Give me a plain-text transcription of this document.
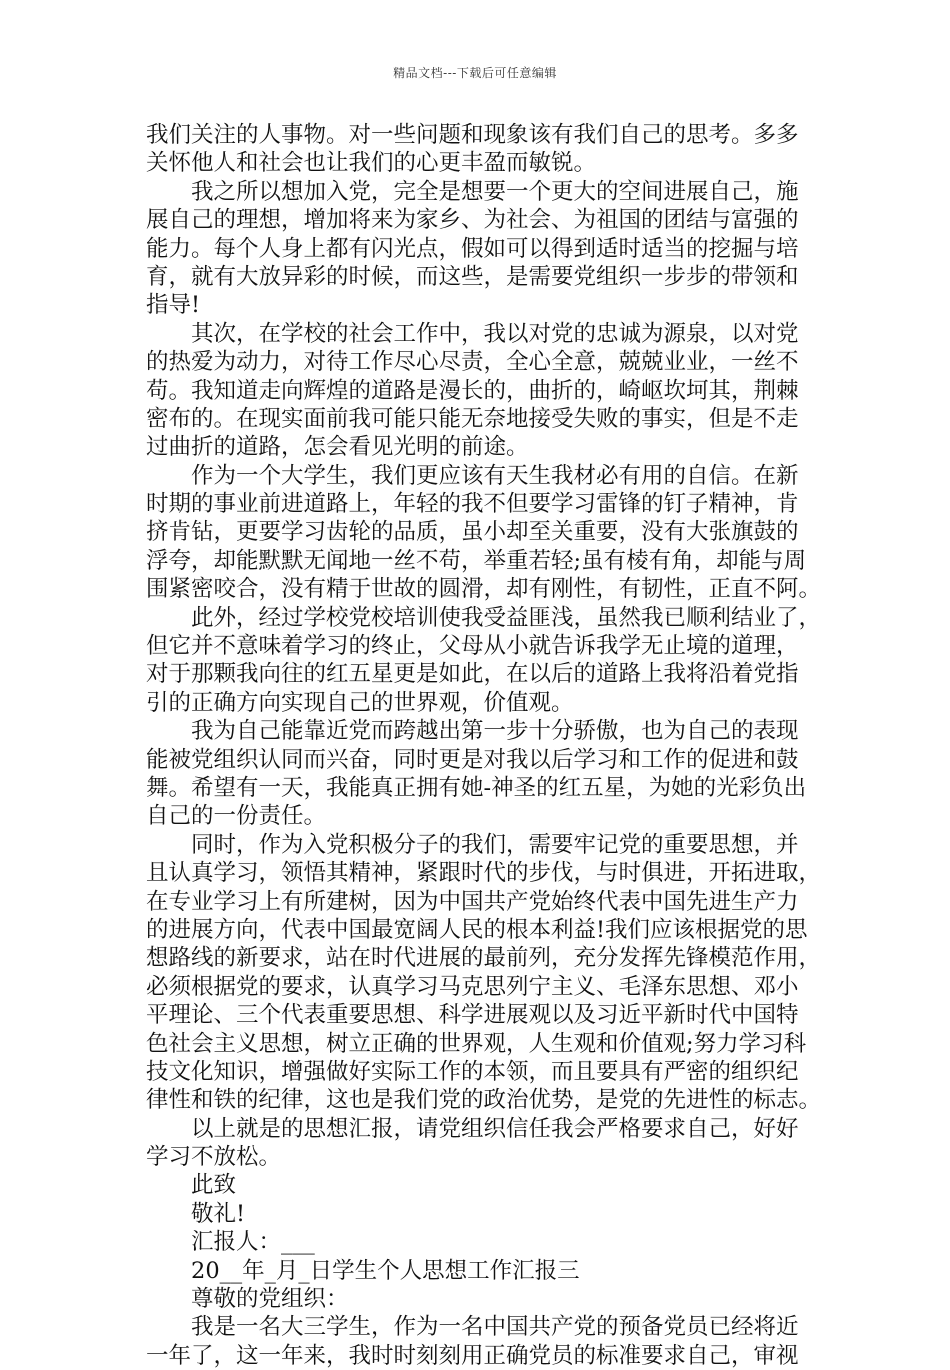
精品文档---下载后可任意编辑
我们关注的人事物。对一些问题和现象该有我们自己的思考。多多
关怀他人和社会也让我们的心更丰盈而敏锐。
我之所以想加入党，完全是想要一个更大的空间进展自己，施
展自己的理想，增加将来为家乡、为社会、为祖国的团结与富强的
能力。每个人身上都有闪光点，假如可以得到适时适当的挖掘与培
育，就有大放异彩的时候，而这些，是需要党组织一步步的带领和
指导!
其次，在学校的社会工作中，我以对党的忠诚为源泉，以对党
的热爱为动力，对待工作尽心尽责，全心全意，兢兢业业，一丝不
苟。我知道走向辉煌的道路是漫长的，曲折的，崎岖坎坷其，荆棘
密布的。在现实面前我可能只能无奈地接受失败的事实，但是不走
过曲折的道路，怎会看见光明的前途。
作为一个大学生，我们更应该有天生我材必有用的自信。在新
时期的事业前进道路上，年轻的我不但要学习雷锋的钉子精神，肯
挤肯钻，更要学习齿轮的品质，虽小却至关重要，没有大张旗鼓的
浮夸，却能默默无闻地一丝不苟，举重若轻;虽有棱有角，却能与周
围紧密咬合，没有精于世故的圆滑，却有刚性，有韧性，正直不阿。
此外，经过学校党校培训使我受益匪浅，虽然我已顺利结业了，
但它并不意味着学习的终止，父母从小就告诉我学无止境的道理，
对于那颗我向往的红五星更是如此，在以后的道路上我将沿着党指
引的正确方向实现自己的世界观，价值观。
我为自己能靠近党而跨越出第一步十分骄傲，也为自己的表现
能被党组织认同而兴奋，同时更是对我以后学习和工作的促进和鼓
舞。希望有一天，我能真正拥有她-神圣的红五星，为她的光彩负出
自己的一份责任。
同时，作为入党积极分子的我们，需要牢记党的重要思想，并
且认真学习，领悟其精神，紧跟时代的步伐，与时俱进，开拓进取，
在专业学习上有所建树，因为中国共产党始终代表中国先进生产力
的进展方向，代表中国最宽阔人民的根本利益!我们应该根据党的思
想路线的新要求，站在时代进展的最前列，充分发挥先锋模范作用，
必须根据党的要求，认真学习马克思列宁主义、毛泽东思想、邓小
平理论、三个代表重要思想、科学进展观以及习近平新时代中国特
色社会主义思想，树立正确的世界观，人生观和价值观;努力学习科
技文化知识，增强做好实际工作的本领，而且要具有严密的组织纪
律性和铁的纪律，这也是我们党的政治优势，是党的先进性的标志。
以上就是的思想汇报，请党组织信任我会严格要求自己，好好
学习不放松。
此致
敬礼!
汇报人：___
20__年_月_日学生个人思想工作汇报三
尊敬的党组织：
我是一名大三学生，作为一名中国共产党的预备党员已经将近
一年了，这一年来，我时时刻刻用正确党员的标准要求自己，审视
